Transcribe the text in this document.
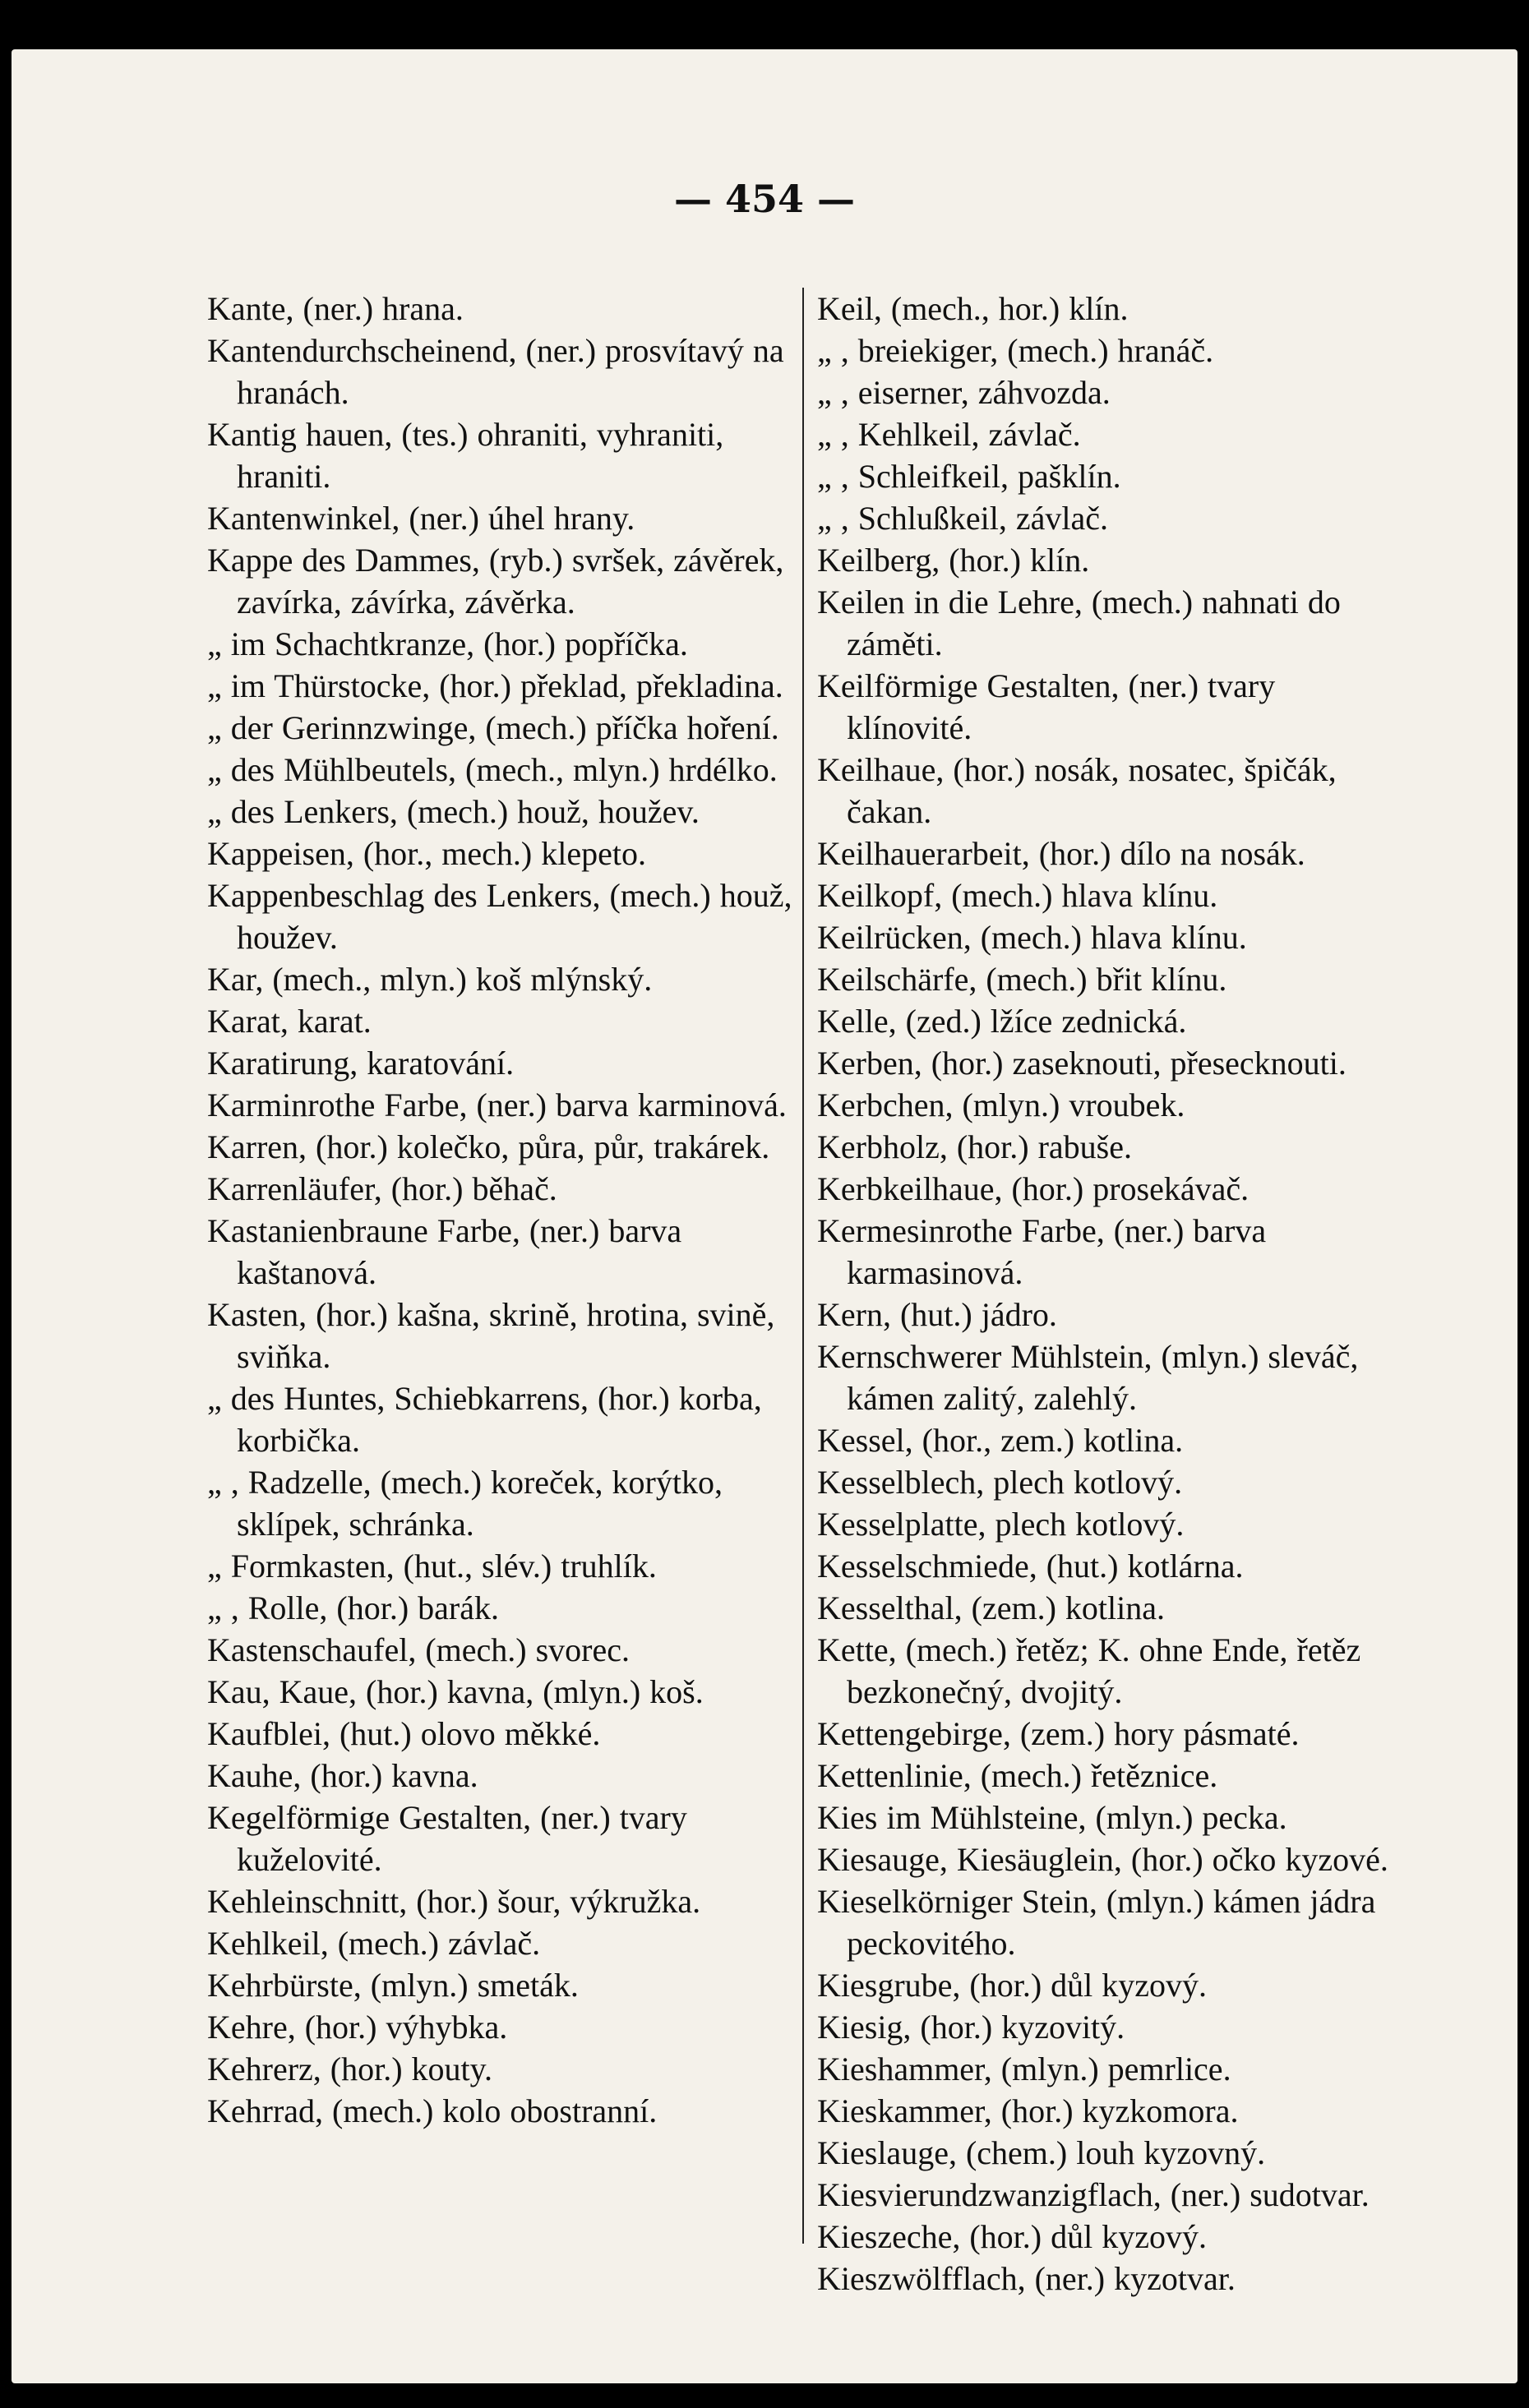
— 454 —

Kante, (ner.) hrana.

Kantendurchscheinend, (ner.) prosvítavý na hranách.

Kantig hauen, (tes.) ohraniti, vyhraniti, hraniti.

Kantenwinkel, (ner.) úhel hrany.

Kappe des Dammes, (ryb.) svršek, závěrek, zavírka, závírka, závěrka.

„ im Schachtkranze, (hor.) popříčka.

„ im Thürstocke, (hor.) překlad, překladina.

„ der Gerinnzwinge, (mech.) příčka hoření.

„ des Mühlbeutels, (mech., mlyn.) hrdélko.

„ des Lenkers, (mech.) houž, houžev.

Kappeisen, (hor., mech.) klepeto.

Kappenbeschlag des Lenkers, (mech.) houž, houžev.

Kar, (mech., mlyn.) koš mlýnský.

Karat, karat.

Karatirung, karatování.

Karminrothe Farbe, (ner.) barva karminová.

Karren, (hor.) kolečko, půra, půr, trakárek.

Karrenläufer, (hor.) běhač.

Kastanienbraune Farbe, (ner.) barva kaštanová.

Kasten, (hor.) kašna, skrině, hrotina, svině, sviňka.

„ des Huntes, Schiebkarrens, (hor.) korba, korbička.

„ , Radzelle, (mech.) koreček, korýtko, sklípek, schránka.

„ Formkasten, (hut., slév.) truhlík.

„ , Rolle, (hor.) barák.

Kastenschaufel, (mech.) svorec.

Kau, Kaue, (hor.) kavna, (mlyn.) koš.

Kaufblei, (hut.) olovo měkké.

Kauhe, (hor.) kavna.

Kegelförmige Gestalten, (ner.) tvary kuželovité.

Kehleinschnitt, (hor.) šour, výkružka.

Kehlkeil, (mech.) závlač.

Kehrbürste, (mlyn.) smeták.

Kehre, (hor.) výhybka.

Kehrerz, (hor.) kouty.

Kehrrad, (mech.) kolo obostranní.

Keil, (mech., hor.) klín.

„ , breiekiger, (mech.) hranáč.

„ , eiserner, záhvozda.

„ , Kehlkeil, závlač.

„ , Schleifkeil, pašklín.

„ , Schlußkeil, závlač.

Keilberg, (hor.) klín.

Keilen in die Lehre, (mech.) nahnati do záměti.

Keilförmige Gestalten, (ner.) tvary klínovité.

Keilhaue, (hor.) nosák, nosatec, špičák, čakan.

Keilhauerarbeit, (hor.) dílo na nosák.

Keilkopf, (mech.) hlava klínu.

Keilrücken, (mech.) hlava klínu.

Keilschärfe, (mech.) břit klínu.

Kelle, (zed.) lžíce zednická.

Kerben, (hor.) zaseknouti, přesecknouti.

Kerbchen, (mlyn.) vroubek.

Kerbholz, (hor.) rabuše.

Kerbkeilhaue, (hor.) prosekávač.

Kermesinrothe Farbe, (ner.) barva karmasinová.

Kern, (hut.) jádro.

Kernschwerer Mühlstein, (mlyn.) sleváč, kámen zalitý, zalehlý.

Kessel, (hor., zem.) kotlina.

Kesselblech, plech kotlový.

Kesselplatte, plech kotlový.

Kesselschmiede, (hut.) kotlárna.

Kesselthal, (zem.) kotlina.

Kette, (mech.) řetěz; K. ohne Ende, řetěz bezkonečný, dvojitý.

Kettengebirge, (zem.) hory pásmaté.

Kettenlinie, (mech.) řetěznice.

Kies im Mühlsteine, (mlyn.) pecka.

Kiesauge, Kiesäuglein, (hor.) očko kyzové.

Kieselkörniger Stein, (mlyn.) kámen jádra peckovitého.

Kiesgrube, (hor.) důl kyzový.

Kiesig, (hor.) kyzovitý.

Kieshammer, (mlyn.) pemrlice.

Kieskammer, (hor.) kyzkomora.

Kieslauge, (chem.) louh kyzovný.

Kiesvierundzwanzigflach, (ner.) sudotvar.

Kieszeche, (hor.) důl kyzový.

Kieszwölfflach, (ner.) kyzotvar.
